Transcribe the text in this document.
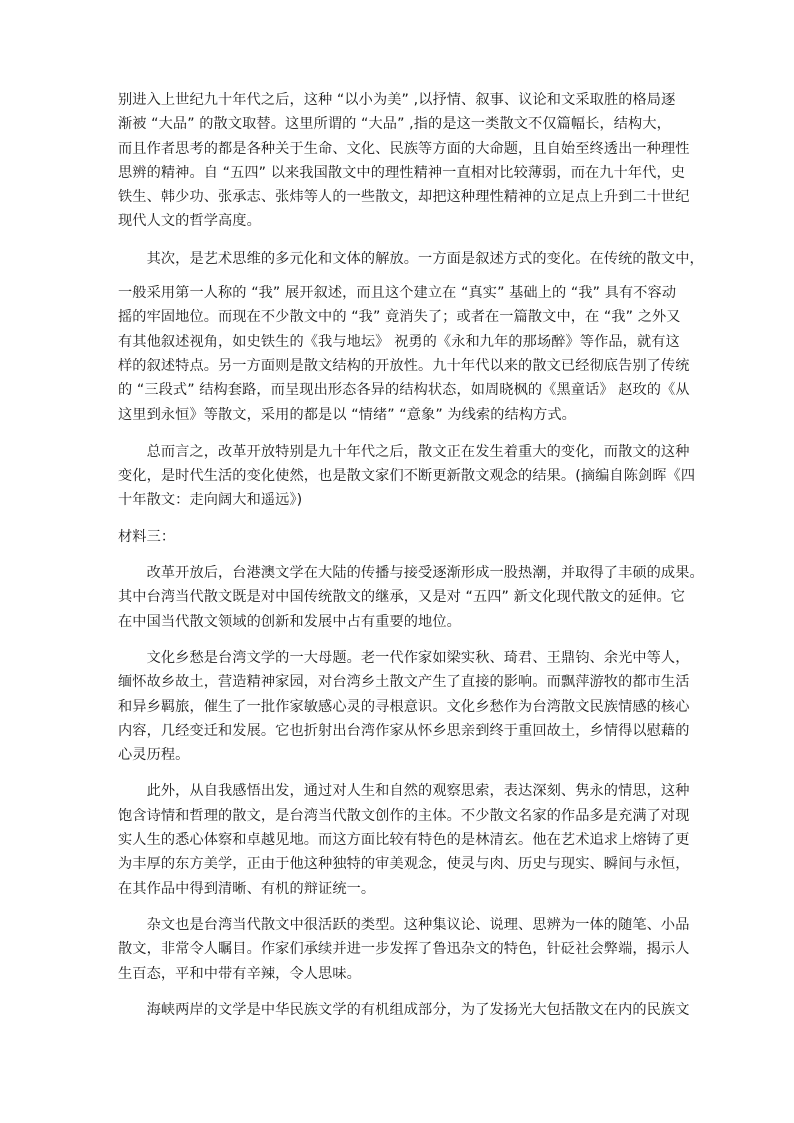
别进入上世纪九十年代之后，这种 “以小为美” ,以抒情、叙事、议论和文采取胜的格局逐
渐被 “大品” 的散文取替。这里所谓的 “大品” ,指的是这一类散文不仅篇幅长，结构大，
而且作者思考的都是各种关于生命、文化、民族等方面的大命题，且自始至终透出一种理性
思辨的精神。自 “五四” 以来我国散文中的理性精神一直相对比较薄弱，而在九十年代，史
铁生、韩少功、张承志、张炜等人的一些散文，却把这种理性精神的立足点上升到二十世纪
现代人文的哲学高度。

　　其次，是艺术思维的多元化和文体的解放。一方面是叙述方式的变化。在传统的散文中，
一般采用第一人称的 “我” 展开叙述，而且这个建立在 “真实” 基础上的 “我” 具有不容动
摇的牢固地位。而现在不少散文中的 “我” 竟消失了；或者在一篇散文中，在 “我” 之外又
有其他叙述视角，如史铁生的《我与地坛》 祝勇的《永和九年的那场醉》等作品，就有这
样的叙述特点。另一方面则是散文结构的开放性。九十年代以来的散文已经彻底告别了传统
的 “三段式” 结构套路，而呈现出形态各异的结构状态，如周晓枫的《黑童话》 赵玫的《从
这里到永恒》等散文，采用的都是以 “情绪” “意象” 为线索的结构方式。

　　总而言之，改革开放特别是九十年代之后，散文正在发生着重大的变化，而散文的这种
变化，是时代生活的变化使然，也是散文家们不断更新散文观念的结果。(摘编自陈剑晖《四
十年散文：走向阔大和遥远》)

材料三：

　　改革开放后，台港澳文学在大陆的传播与接受逐渐形成一股热潮，并取得了丰硕的成果。
其中台湾当代散文既是对中国传统散文的继承，又是对 “五四” 新文化现代散文的延伸。它
在中国当代散文领域的创新和发展中占有重要的地位。

　　文化乡愁是台湾文学的一大母题。老一代作家如梁实秋、琦君、王鼎钧、余光中等人，
缅怀故乡故土，营造精神家园，对台湾乡土散文产生了直接的影响。而飘萍游牧的都市生活
和异乡羁旅，催生了一批作家敏感心灵的寻根意识。文化乡愁作为台湾散文民族情感的核心
内容，几经变迁和发展。它也折射出台湾作家从怀乡思亲到终于重回故土，乡情得以慰藉的
心灵历程。

　　此外，从自我感悟出发，通过对人生和自然的观察思索，表达深刻、隽永的情思，这种
饱含诗情和哲理的散文，是台湾当代散文创作的主体。不少散文名家的作品多是充满了对现
实人生的悉心体察和卓越见地。而这方面比较有特色的是林清玄。他在艺术追求上熔铸了更
为丰厚的东方美学，正由于他这种独特的审美观念，使灵与肉、历史与现实、瞬间与永恒，
在其作品中得到清晰、有机的辩证统一。

　　杂文也是台湾当代散文中很活跃的类型。这种集议论、说理、思辨为一体的随笔、小品
散文，非常令人瞩目。作家们承续并进一步发挥了鲁迅杂文的特色，针砭社会弊端，揭示人
生百态，平和中带有辛辣，令人思味。

　　海峡两岸的文学是中华民族文学的有机组成部分，为了发扬光大包括散文在内的民族文
